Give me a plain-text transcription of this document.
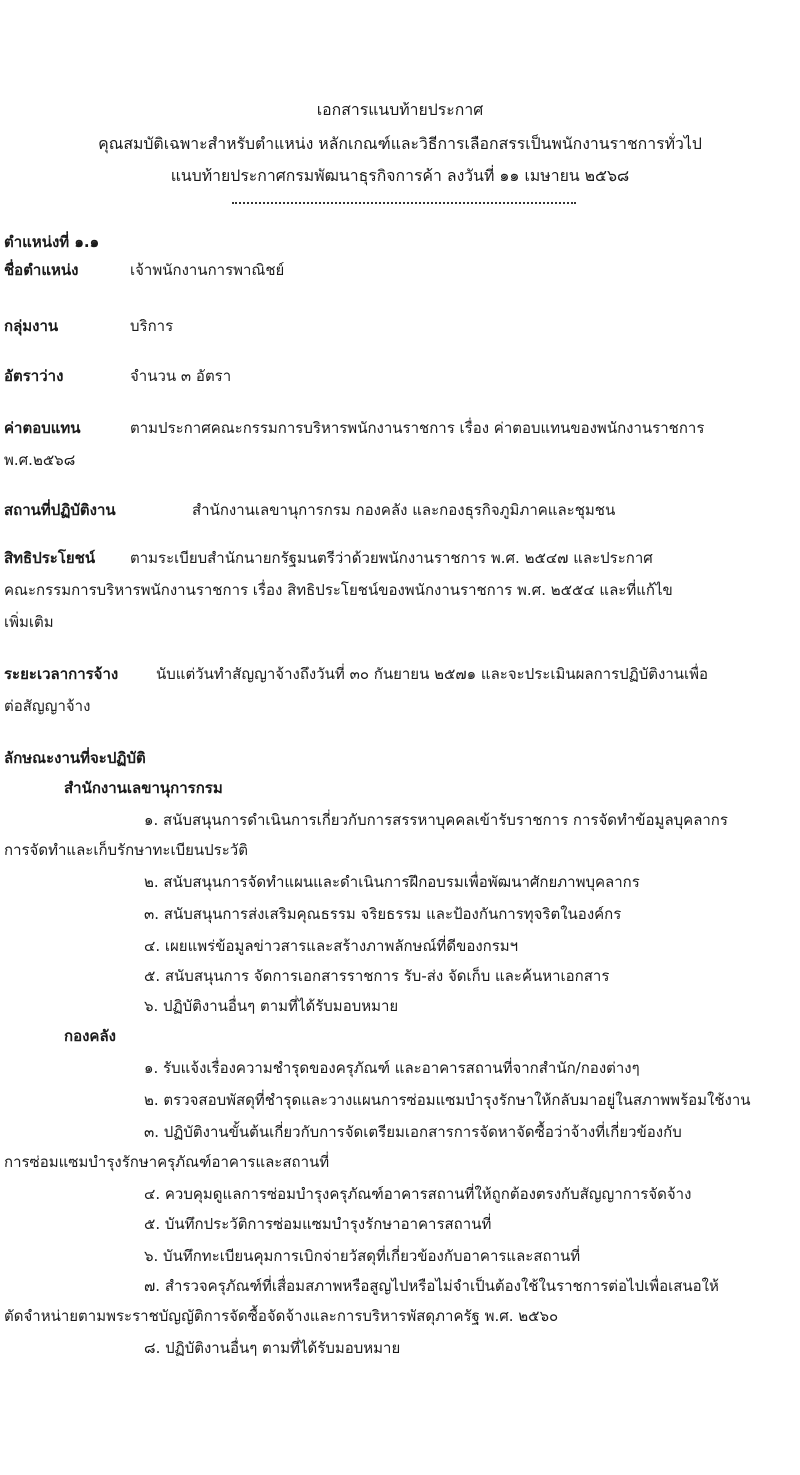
เอกสารแนบท้ายประกาศ
คุณสมบัติเฉพาะสำหรับตำแหน่ง หลักเกณฑ์และวิธีการเลือกสรรเป็นพนักงานราชการทั่วไป
แนบท้ายประกาศกรมพัฒนาธุรกิจการค้า ลงวันที่ ๑๑ เมษายน ๒๕๖๘
ตำแหน่งที่ ๑.๑
ชื่อตำแหน่ง	เจ้าพนักงานการพาณิชย์
กลุ่มงาน	บริการ
อัตราว่าง	จำนวน ๓ อัตรา
ค่าตอบแทน	ตามประกาศคณะกรรมการบริหารพนักงานราชการ เรื่อง ค่าตอบแทนของพนักงานราชการ
พ.ศ.๒๕๖๘
สถานที่ปฏิบัติงาน	สำนักงานเลขานุการกรม กองคลัง และกองธุรกิจภูมิภาคและชุมชน
สิทธิประโยชน์ ตามระเบียบสำนักนายกรัฐมนตรีว่าด้วยพนักงานราชการ พ.ศ. ๒๕๔๗ และประกาศ
คณะกรรมการบริหารพนักงานราชการ เรื่อง สิทธิประโยชน์ของพนักงานราชการ พ.ศ. ๒๕๕๔ และที่แก้ไข
เพิ่มเติม
ระยะเวลาการจ้าง	นับแต่วันทำสัญญาจ้างถึงวันที่ ๓๐ กันยายน ๒๕๗๑ และจะประเมินผลการปฏิบัติงานเพื่อ
ต่อสัญญาจ้าง
ลักษณะงานที่จะปฏิบัติ
สำนักงานเลขานุการกรม
๑. สนับสนุนการดำเนินการเกี่ยวกับการสรรหาบุคคลเข้ารับราชการ การจัดทำข้อมูลบุคลากร
การจัดทำและเก็บรักษาทะเบียนประวัติ
๒. สนับสนุนการจัดทำแผนและดำเนินการฝึกอบรมเพื่อพัฒนาศักยภาพบุคลากร
๓. สนับสนุนการส่งเสริมคุณธรรม จริยธรรม และป้องกันการทุจริตในองค์กร
๔. เผยแพร่ข้อมูลข่าวสารและสร้างภาพลักษณ์ที่ดีของกรมฯ
๕. สนับสนุนการ จัดการเอกสารราชการ รับ-ส่ง จัดเก็บ และค้นหาเอกสาร
๖. ปฏิบัติงานอื่นๆ ตามที่ได้รับมอบหมาย
กองคลัง
๑. รับแจ้งเรื่องความชำรุดของครุภัณฑ์ และอาคารสถานที่จากสำนัก/กองต่างๆ
๒. ตรวจสอบพัสดุที่ชำรุดและวางแผนการซ่อมแซมบำรุงรักษาให้กลับมาอยู่ในสภาพพร้อมใช้งาน
๓. ปฏิบัติงานขั้นต้นเกี่ยวกับการจัดเตรียมเอกสารการจัดหาจัดซื้อว่าจ้างที่เกี่ยวข้องกับ
การซ่อมแซมบำรุงรักษาครุภัณฑ์อาคารและสถานที่
๔. ควบคุมดูแลการซ่อมบำรุงครุภัณฑ์อาคารสถานที่ให้ถูกต้องตรงกับสัญญาการจัดจ้าง
๕. บันทึกประวัติการซ่อมแซมบำรุงรักษาอาคารสถานที่
๖. บันทึกทะเบียนคุมการเบิกจ่ายวัสดุที่เกี่ยวข้องกับอาคารและสถานที่
๗. สำรวจครุภัณฑ์ที่เสื่อมสภาพหรือสูญไปหรือไม่จำเป็นต้องใช้ในราชการต่อไปเพื่อเสนอให้
ตัดจำหน่ายตามพระราชบัญญัติการจัดซื้อจัดจ้างและการบริหารพัสดุภาครัฐ พ.ศ. ๒๕๖๐
๘. ปฏิบัติงานอื่นๆ ตามที่ได้รับมอบหมาย
